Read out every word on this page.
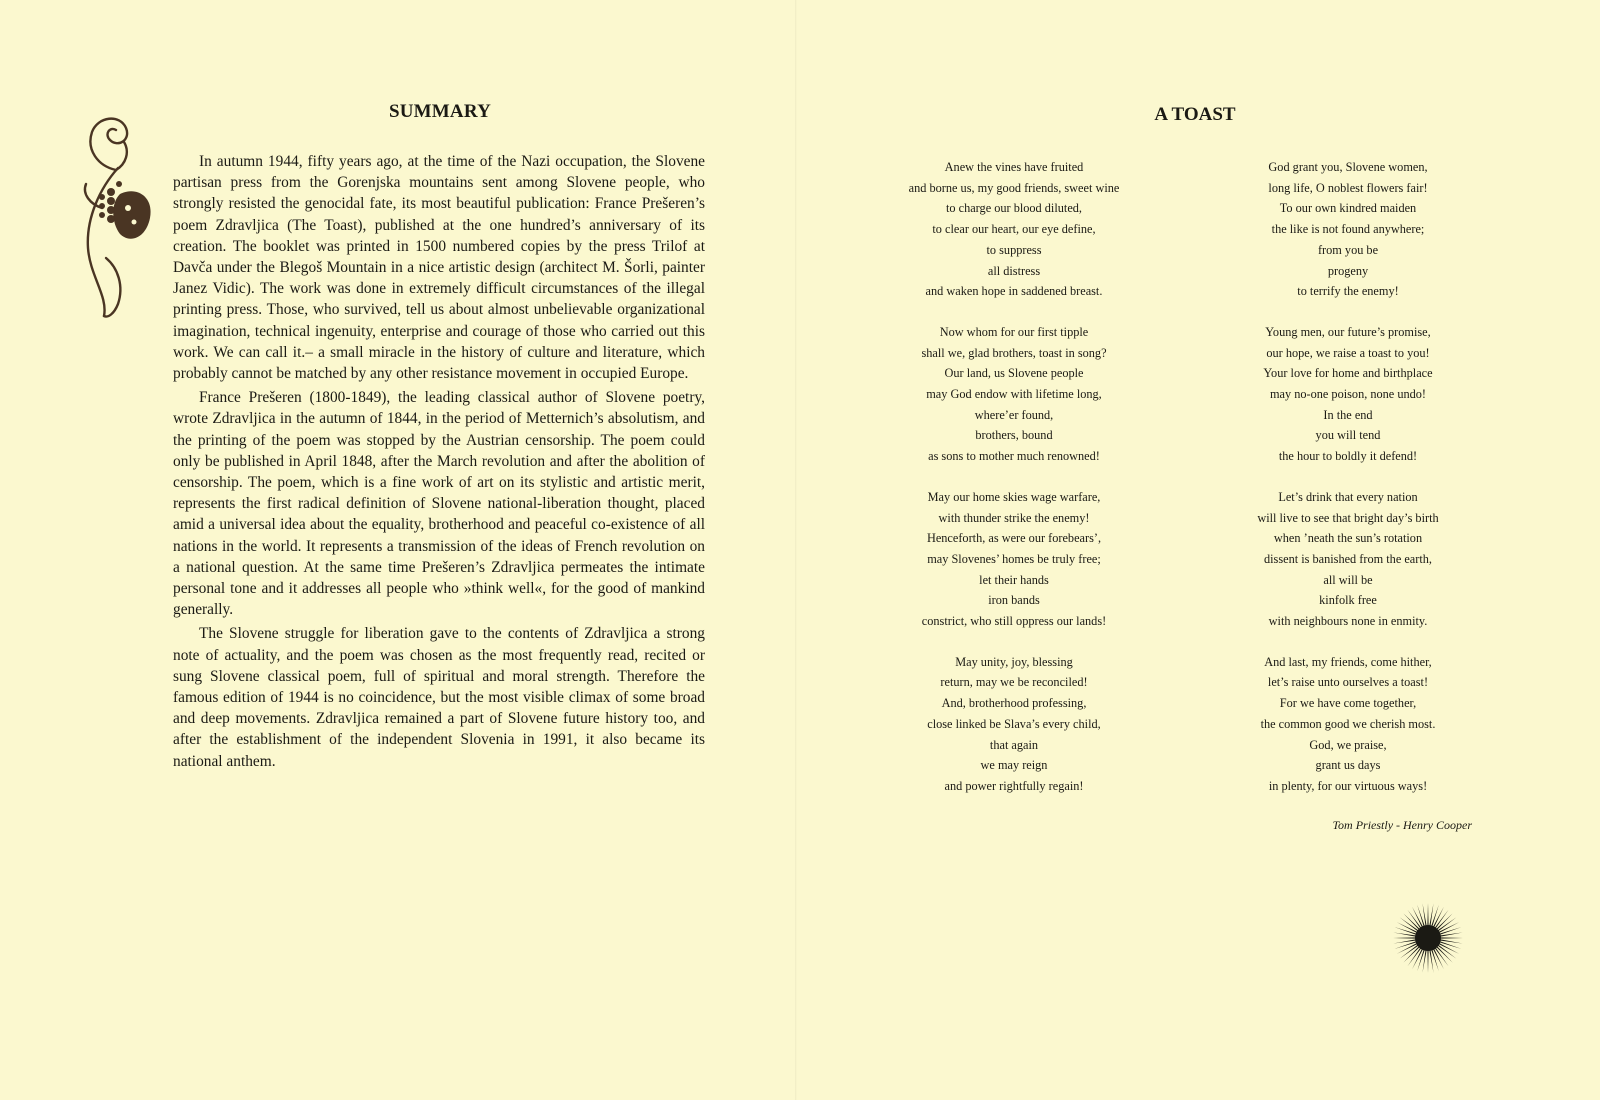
SUMMARY

In autumn 1944, fifty years ago, at the time of the Nazi occupation, the Slovene partisan press from the Gorenjska mountains sent among Slovene people, who strongly resisted the genocidal fate, its most beautiful publication: France Prešeren’s poem Zdravljica (The Toast), published at the one hundred’s anniversary of its creation. The booklet was printed in 1500 numbered copies by the press Trilof at Davča under the Blegoš Mountain in a nice artistic design (architect M. Šorli, painter Janez Vidic). The work was done in extremely difficult circumstances of the illegal printing press. Those, who survived, tell us about almost unbelievable organizational imagination, technical ingenuity, enterprise and courage of those who carried out this work. We can call it.– a small miracle in the history of culture and literature, which probably cannot be matched by any other resistance movement in occupied Europe.

France Prešeren (1800-1849), the leading classical author of Slovene poetry, wrote Zdravljica in the autumn of 1844, in the period of Metternich’s absolutism, and the printing of the poem was stopped by the Austrian censorship. The poem could only be published in April 1848, after the March revolution and after the abolition of censorship. The poem, which is a fine work of art on its stylistic and artistic merit, represents the first radical definition of Slovene national-liberation thought, placed amid a universal idea about the equality, brotherhood and peaceful co-existence of all nations in the world. It represents a transmission of the ideas of French revolution on a national question. At the same time Prešeren’s Zdravljica permeates the intimate personal tone and it addresses all people who »think well«, for the good of mankind generally.

The Slovene struggle for liberation gave to the contents of Zdravljica a strong note of actuality, and the poem was chosen as the most frequently read, recited or sung Slovene classical poem, full of spiritual and moral strength. Therefore the famous edition of 1944 is no coincidence, but the most visible climax of some broad and deep movements. Zdravljica remained a part of Slovene future history too, and after the establishment of the independent Slovenia in 1991, it also became its national anthem.

A TOAST
Anew the vines have fruited
and borne us, my good friends, sweet wine
to charge our blood diluted,
to clear our heart, our eye define,
to suppress
all distress
and waken hope in saddened breast.
Now whom for our first tipple
shall we, glad brothers, toast in song?
Our land, us Slovene people
may God endow with lifetime long,
where’er found,
brothers, bound
as sons to mother much renowned!
May our home skies wage warfare,
with thunder strike the enemy!
Henceforth, as were our forebears’,
may Slovenes’ homes be truly free;
let their hands
iron bands
constrict, who still oppress our lands!
May unity, joy, blessing
return, may we be reconciled!
And, brotherhood professing,
close linked be Slava’s every child,
that again
we may reign
and power rightfully regain!
God grant you, Slovene women,
long life, O noblest flowers fair!
To our own kindred maiden
the like is not found anywhere;
from you be
progeny
to terrify the enemy!
Young men, our future’s promise,
our hope, we raise a toast to you!
Your love for home and birthplace
may no-one poison, none undo!
In the end
you will tend
the hour to boldly it defend!
Let’s drink that every nation
will live to see that bright day’s birth
when ’neath the sun’s rotation
dissent is banished from the earth,
all will be
kinfolk free
with neighbours none in enmity.
And last, my friends, come hither,
let’s raise unto ourselves a toast!
For we have come together,
the common good we cherish most.
God, we praise,
grant us days
in plenty, for our virtuous ways!
Tom Priestly - Henry Cooper
